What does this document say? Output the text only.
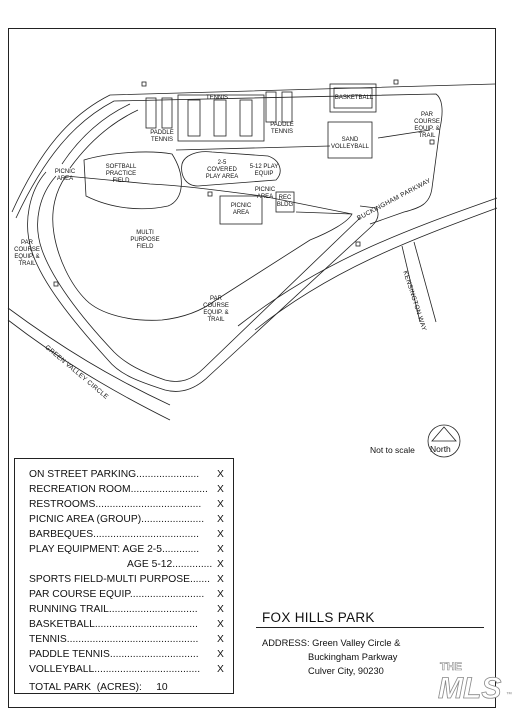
TENNIS
PADDLE
TENNIS
PADDLE
TENNIS
BASKETBALL
SAND
VOLLEYBALL
SOFTBALL
PRACTICE
FIELD
PICNIC
AREA
2-5
COVERED
PLAY AREA
5-12 PLAY
EQUIP
PICNIC
AREA REC
BLDG
PICNIC
AREA
MULTI
PURPOSE
FIELD
PAR
COURSE
EQUIP. &
TRAIL
PAR
COURSE
EQUIP. &
TRAIL
PAR
COURSE
EQUIP. &
TRAIL
BUCKINGHAM PARKWAY
KENSINGTON WAY
GREEN VALLEY CIRCLE
Not to scale North
ON STREET PARKING...................... X
RECREATION ROOM........................... X
RESTROOMS..................................... X
PICNIC AREA (GROUP)...................... X
BARBEQUES..................................... X
PLAY EQUIPMENT: AGE 2-5............. X
AGE 5-12.............. X
SPORTS FIELD-MULTI PURPOSE....... X
PAR COURSE EQUIP.......................... X
RUNNING TRAIL............................... X
BASKETBALL.................................... X
TENNIS.............................................. X
PADDLE TENNIS............................... X
VOLLEYBALL..................................... X
TOTAL PARK  (ACRES):     10
FOX HILLS PARK
ADDRESS: Green Valley Circle &
Buckingham Parkway
Culver City, 90230	THE
MLS ™
